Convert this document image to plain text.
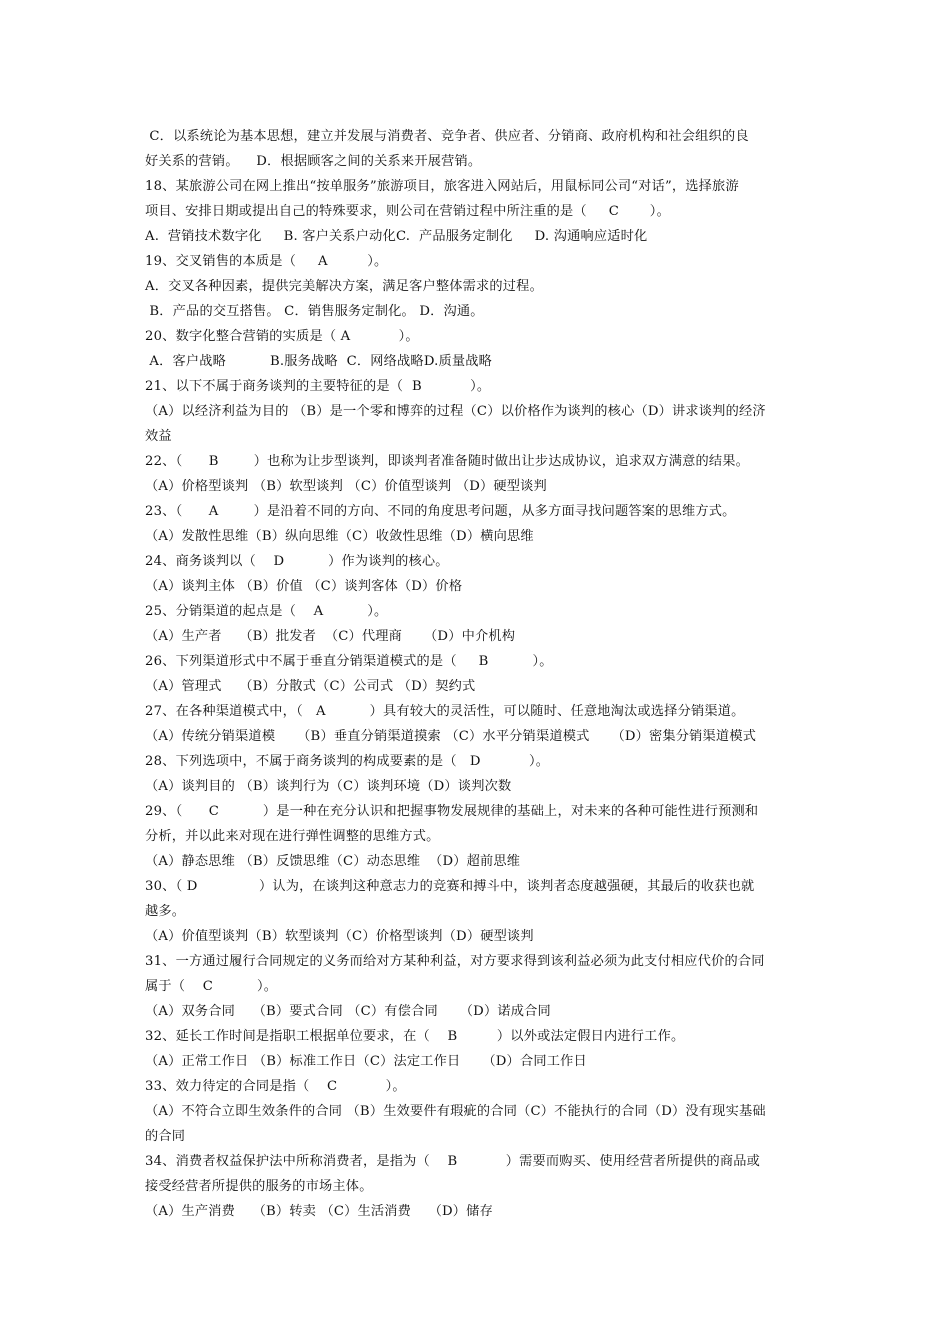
C．以系统论为基本思想，建立并发展与消费者、竞争者、供应者、分销商、政府机构和社会组织的良
好关系的营销。    D．根据顾客之间的关系来开展营销。
18、某旅游公司在网上推出“按单服务”旅游项目，旅客进入网站后，用鼠标同公司“对话”，选择旅游
项目、安排日期或提出自己的特殊要求，则公司在营销过程中所注重的是（     C       ）。
A.  营销技术数字化     B. 客户关系户动化C.  产品服务定制化     D. 沟通响应适时化
19、交叉销售的本质是（     A         ）。
A．交叉各种因素，提供完美解决方案，满足客户整体需求的过程。
B．产品的交互搭售。 C．销售服务定制化。 D．沟通。
20、数字化整合营销的实质是（ A           ）。
A．客户战略          B.服务战略  C．网络战略D.质量战略
21、以下不属于商务谈判的主要特征的是（  B           ）。
（A）以经济利益为目的 （B）是一个零和博弈的过程（C）以价格作为谈判的核心（D）讲求谈判的经济
效益
22、（      B        ）也称为让步型谈判，即谈判者准备随时做出让步达成协议，追求双方满意的结果。
（A）价格型谈判 （B）软型谈判 （C）价值型谈判 （D）硬型谈判
23、（      A        ）是沿着不同的方向、不同的角度思考问题，从多方面寻找问题答案的思维方式。
（A）发散性思维（B）纵向思维（C）收敛性思维（D）横向思维
24、商务谈判以（    D          ）作为谈判的核心。
（A）谈判主体 （B）价值 （C）谈判客体（D）价格
25、分销渠道的起点是（    A          ）。
（A）生产者    （B）批发者  （C）代理商     （D）中介机构
26、下列渠道形式中不属于垂直分销渠道模式的是（     B          ）。
（A）管理式    （B）分散式（C）公司式 （D）契约式
27、在各种渠道模式中，（   A          ）具有较大的灵活性，可以随时、任意地淘汰或选择分销渠道。
（A）传统分销渠道模     （B）垂直分销渠道摸索 （C）水平分销渠道模式     （D）密集分销渠道模式
28、下列选项中，不属于商务谈判的构成要素的是（   D           ）。
（A）谈判目的 （B）谈判行为（C）谈判环境（D）谈判次数
29、（      C          ）是一种在充分认识和把握事物发展规律的基础上，对未来的各种可能性进行预测和
分析，并以此来对现在进行弹性调整的思维方式。
（A）静态思维 （B）反馈思维（C）动态思维  （D）超前思维
30、（ D              ）认为，在谈判这种意志力的竞赛和搏斗中，谈判者态度越强硬，其最后的收获也就
越多。
（A）价值型谈判（B）软型谈判（C）价格型谈判（D）硬型谈判
31、一方通过履行合同规定的义务而给对方某种利益，对方要求得到该利益必须为此支付相应代价的合同
属于（    C          ）。
（A）双务合同    （B）要式合同 （C）有偿合同     （D）诺成合同
32、延长工作时间是指职工根据单位要求，在（    B         ）以外或法定假日内进行工作。
（A）正常工作日 （B）标准工作日（C）法定工作日     （D）合同工作日
33、效力待定的合同是指（    C           ）。
（A）不符合立即生效条件的合同 （B）生效要件有瑕疵的合同（C）不能执行的合同（D）没有现实基础
的合同
34、消费者权益保护法中所称消费者，是指为（    B           ）需要而购买、使用经营者所提供的商品或
接受经营者所提供的服务的市场主体。
（A）生产消费    （B）转卖 （C）生活消费    （D）储存
